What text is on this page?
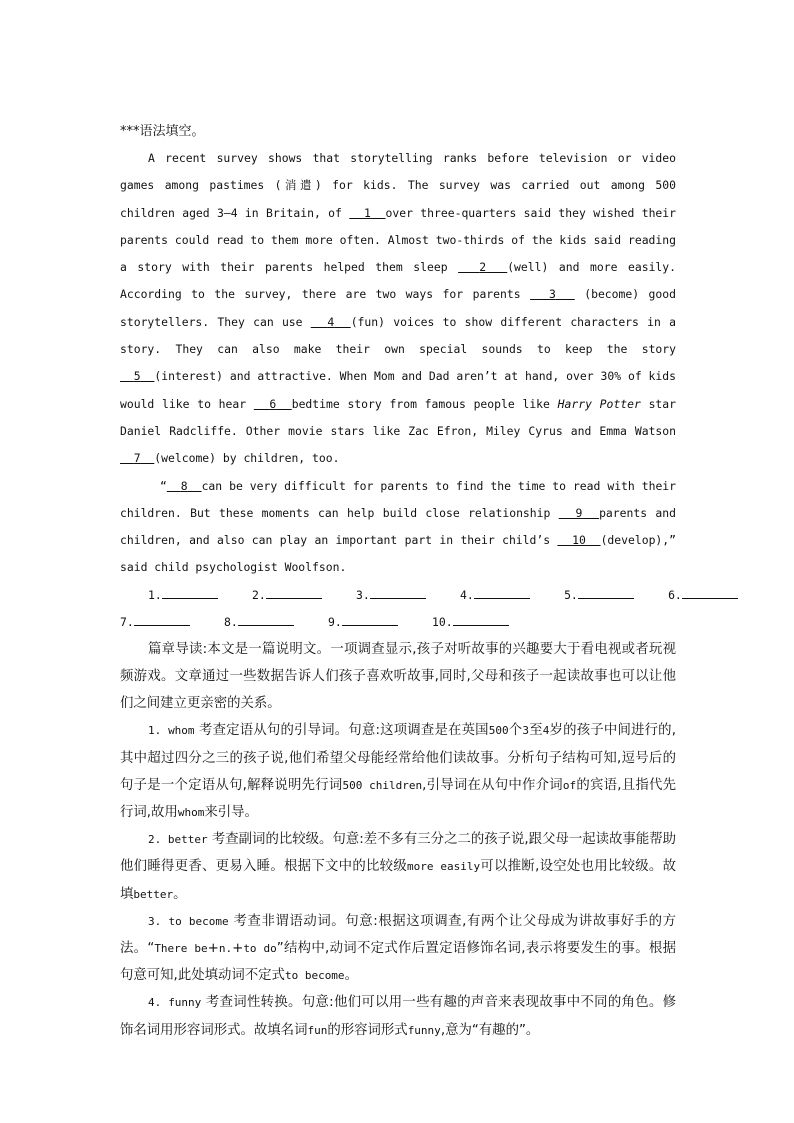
***语法填空。

A recent survey shows that storytelling ranks before television or video games among pastimes (消遣) for kids. The survey was carried out among 500 children aged 3—4 in Britain, of   1 over three-quarters said they wished their parents could read to them more often. Almost two-thirds of the kids said reading a story with their parents helped them sleep   2 (well) and more easily. According to the survey, there are two ways for parents   3   (become) good storytellers. They can use   4 (fun) voices to show different characters in a story. They can also make their own special sounds to keep the story   5 (interest) and attractive. When Mom and Dad aren’t at hand, over 30% of kids would like to hear   6 bedtime story from famous people like Harry Potter star Daniel Radcliffe. Other movie stars like Zac Efron, Miley Cyrus and Emma Watson   7 (welcome) by children, too.

“ 8 can be very difficult for parents to find the time to read with their children. But these moments can help build close relationship   9 parents and children, and also can play an important part in their child’s   10 (develop),” said child psychologist Woolfson.

1.	2.	3.	4.	5.	6.
7.	8.	9.	10.

篇章导读:本文是一篇说明文。一项调查显示,孩子对听故事的兴趣要大于看电视或者玩视频游戏。文章通过一些数据告诉人们孩子喜欢听故事,同时,父母和孩子一起读故事也可以让他们之间建立更亲密的关系。

1. whom 考查定语从句的引导词。句意:这项调查是在英国500个3至4岁的孩子中间进行的,其中超过四分之三的孩子说,他们希望父母能经常给他们读故事。分析句子结构可知,逗号后的句子是一个定语从句,解释说明先行词500 children,引导词在从句中作介词of的宾语,且指代先行词,故用whom来引导。

2. better 考查副词的比较级。句意:差不多有三分之二的孩子说,跟父母一起读故事能帮助他们睡得更香、更易入睡。根据下文中的比较级more easily可以推断,设空处也用比较级。故填better。

3. to become 考查非谓语动词。句意:根据这项调查,有两个让父母成为讲故事好手的方法。“There be+n.+to do”结构中,动词不定式作后置定语修饰名词,表示将要发生的事。根据句意可知,此处填动词不定式to become。

4. funny 考查词性转换。句意:他们可以用一些有趣的声音来表现故事中不同的角色。修饰名词用形容词形式。故填名词fun的形容词形式funny,意为“有趣的”。
